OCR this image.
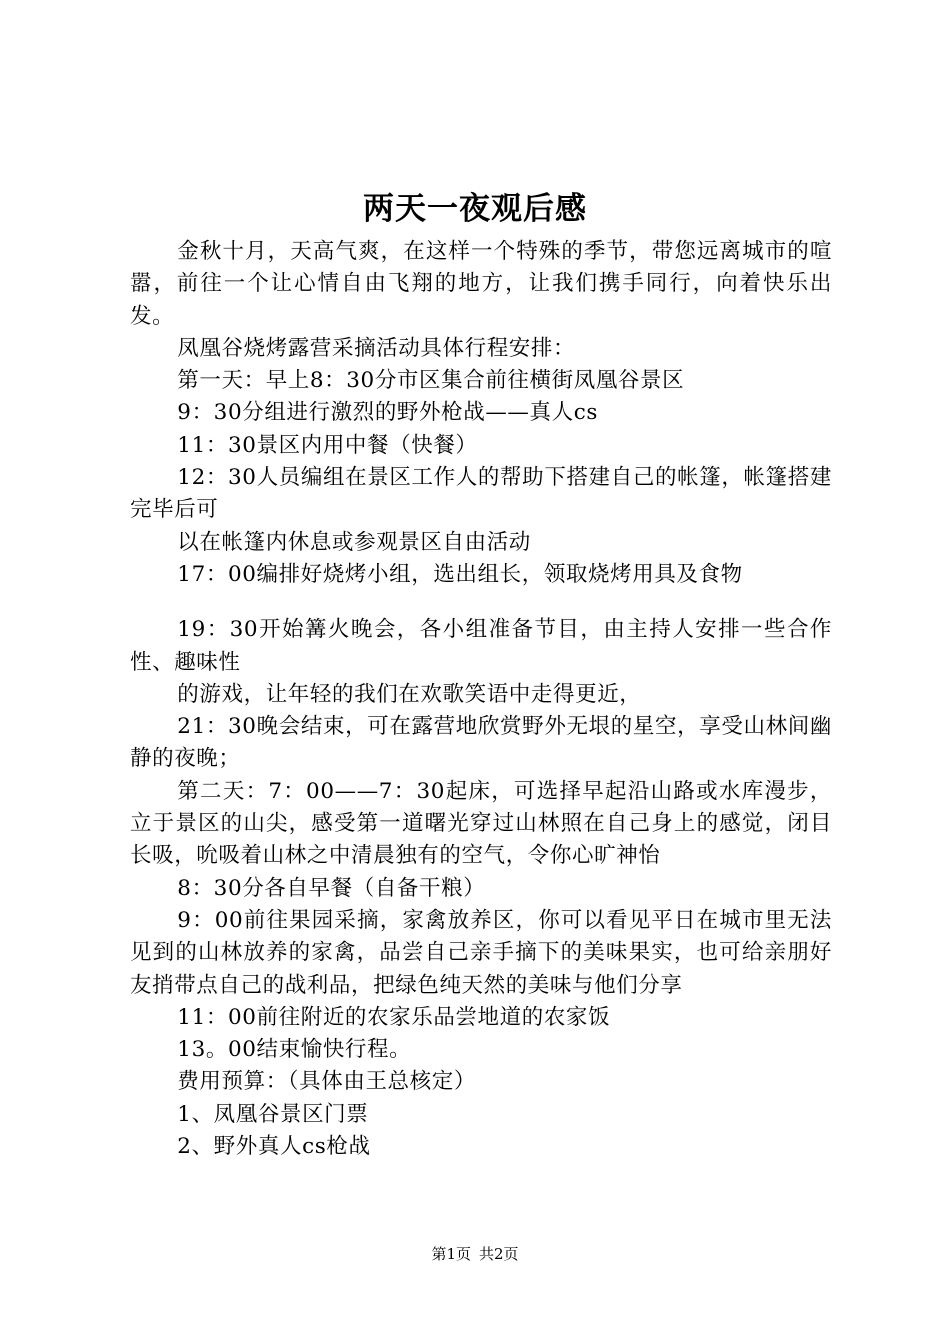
两天一夜观后感

金秋十月，天高气爽，在这样一个特殊的季节，带您远离城市的喧嚣，前往一个让心情自由飞翔的地方，让我们携手同行，向着快乐出发。

凤凰谷烧烤露营采摘活动具体行程安排：

第一天：早上8：30分市区集合前往横街凤凰谷景区

9：30分组进行激烈的野外枪战——真人cs

11：30景区内用中餐（快餐）

12：30人员编组在景区工作人的帮助下搭建自己的帐篷，帐篷搭建完毕后可

以在帐篷内休息或参观景区自由活动

17：00编排好烧烤小组，选出组长，领取烧烤用具及食物

19：30开始篝火晚会，各小组准备节目，由主持人安排一些合作性、趣味性

的游戏，让年轻的我们在欢歌笑语中走得更近，

21：30晚会结束，可在露营地欣赏野外无垠的星空，享受山林间幽静的夜晚；

第二天：7：00——7：30起床，可选择早起沿山路或水库漫步，立于景区的山尖，感受第一道曙光穿过山林照在自己身上的感觉，闭目长吸，吮吸着山林之中清晨独有的空气，令你心旷神怡

8：30分各自早餐（自备干粮）

9：00前往果园采摘，家禽放养区，你可以看见平日在城市里无法见到的山林放养的家禽，品尝自己亲手摘下的美味果实，也可给亲朋好友捎带点自己的战利品，把绿色纯天然的美味与他们分享

11：00前往附近的农家乐品尝地道的农家饭

13。00结束愉快行程。

费用预算：（具体由王总核定）

1、凤凰谷景区门票

2、野外真人cs枪战

第1页 共2页
